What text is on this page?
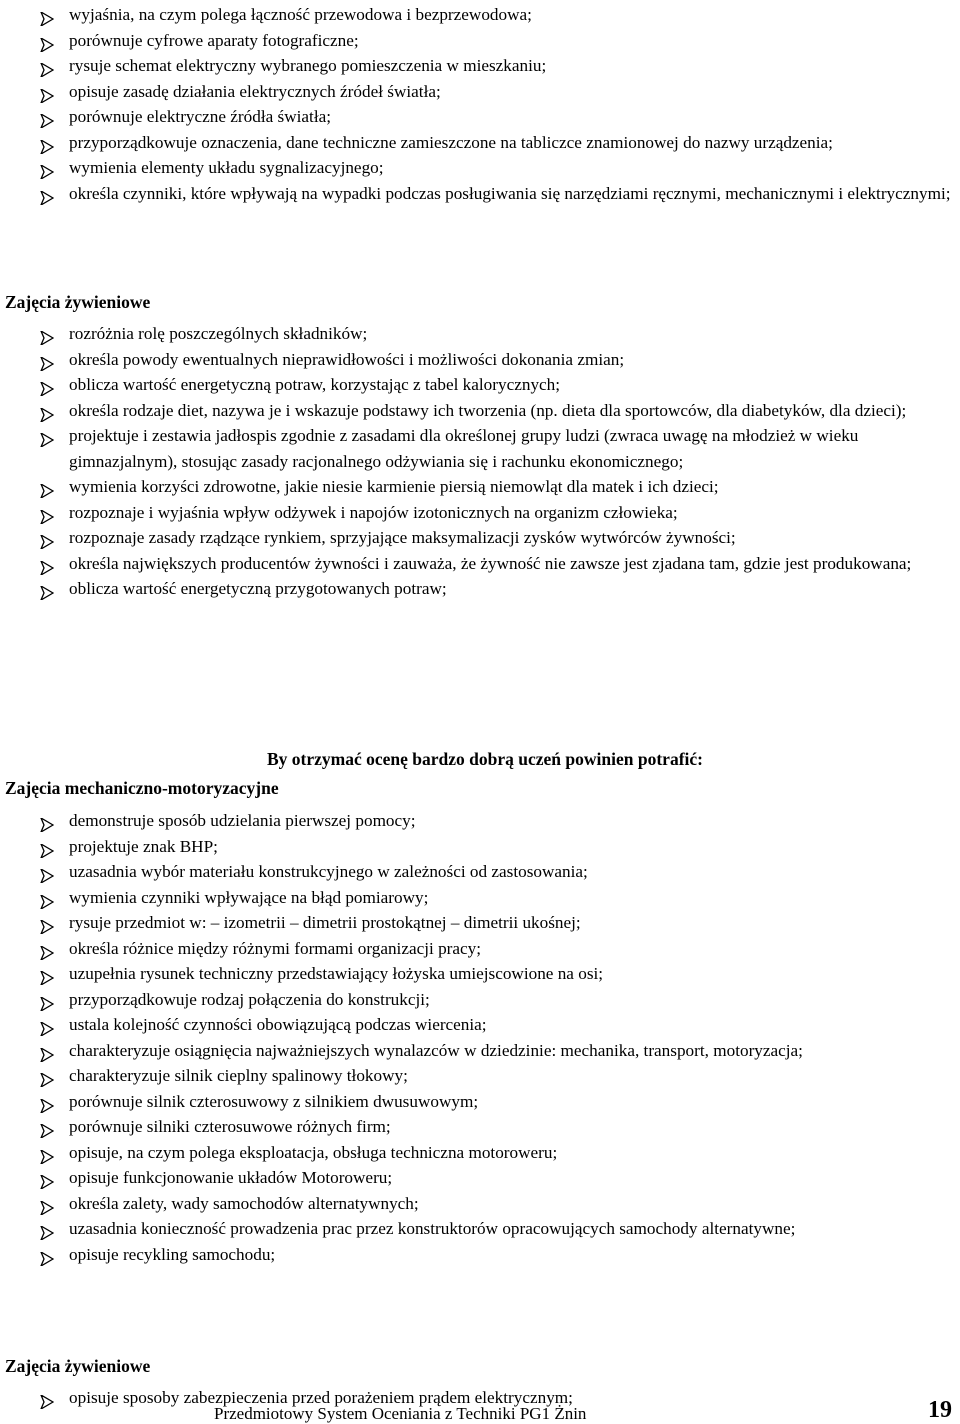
wyjaśnia, na czym polega łączność przewodowa i bezprzewodowa;
porównuje cyfrowe aparaty fotograficzne;
rysuje schemat elektryczny wybranego pomieszczenia w mieszkaniu;
opisuje zasadę działania elektrycznych źródeł światła;
porównuje elektryczne źródła światła;
przyporządkowuje oznaczenia, dane techniczne zamieszczone na tabliczce znamionowej do nazwy urządzenia;
wymienia elementy układu sygnalizacyjnego;
określa czynniki, które wpływają na wypadki podczas posługiwania się narzędziami ręcznymi, mechanicznymi i elektrycznymi;
Zajęcia żywieniowe
rozróżnia rolę poszczególnych składników;
określa powody ewentualnych nieprawidłowości i możliwości dokonania zmian;
oblicza wartość energetyczną potraw, korzystając z tabel kalorycznych;
określa rodzaje diet, nazywa je i wskazuje podstawy ich tworzenia (np. dieta dla sportowców, dla diabetyków, dla dzieci);
projektuje i zestawia jadłospis zgodnie z zasadami dla określonej grupy ludzi (zwraca uwagę na młodzież w wieku gimnazjalnym), stosując zasady racjonalnego odżywiania się i rachunku ekonomicznego;
wymienia korzyści zdrowotne, jakie niesie karmienie piersią niemowląt dla matek i ich dzieci;
rozpoznaje i wyjaśnia wpływ odżywek i napojów izotonicznych na organizm człowieka;
rozpoznaje zasady rządzące rynkiem, sprzyjające maksymalizacji zysków wytwórców żywności;
określa największych producentów żywności i zauważa, że żywność nie zawsze jest zjadana tam, gdzie jest produkowana;
oblicza wartość energetyczną przygotowanych potraw;
By otrzymać ocenę bardzo dobrą uczeń powinien potrafić:
Zajęcia mechaniczno-motoryzacyjne
demonstruje sposób udzielania pierwszej pomocy;
projektuje znak BHP;
uzasadnia wybór materiału konstrukcyjnego w zależności od zastosowania;
wymienia czynniki wpływające na błąd pomiarowy;
rysuje przedmiot w: – izometrii – dimetrii prostokątnej – dimetrii ukośnej;
określa różnice między różnymi formami organizacji pracy;
uzupełnia rysunek techniczny przedstawiający łożyska umiejscowione na osi;
przyporządkowuje rodzaj połączenia do konstrukcji;
ustala kolejność czynności obowiązującą podczas wiercenia;
charakteryzuje osiągnięcia najważniejszych wynalazców w dziedzinie: mechanika, transport, motoryzacja;
charakteryzuje silnik cieplny spalinowy tłokowy;
porównuje silnik czterosuwowy z silnikiem dwusuwowym;
porównuje silniki czterosuwowe różnych firm;
opisuje, na czym polega eksploatacja, obsługa techniczna motoroweru;
opisuje funkcjonowanie układów Motoroweru;
określa zalety, wady samochodów alternatywnych;
uzasadnia konieczność prowadzenia prac przez konstruktorów opracowujących samochody alternatywne;
opisuje recykling samochodu;
Zajęcia żywieniowe
opisuje sposoby zabezpieczenia przed porażeniem prądem elektrycznym;
Przedmiotowy System Oceniania z Techniki PG1 Żnin	19
